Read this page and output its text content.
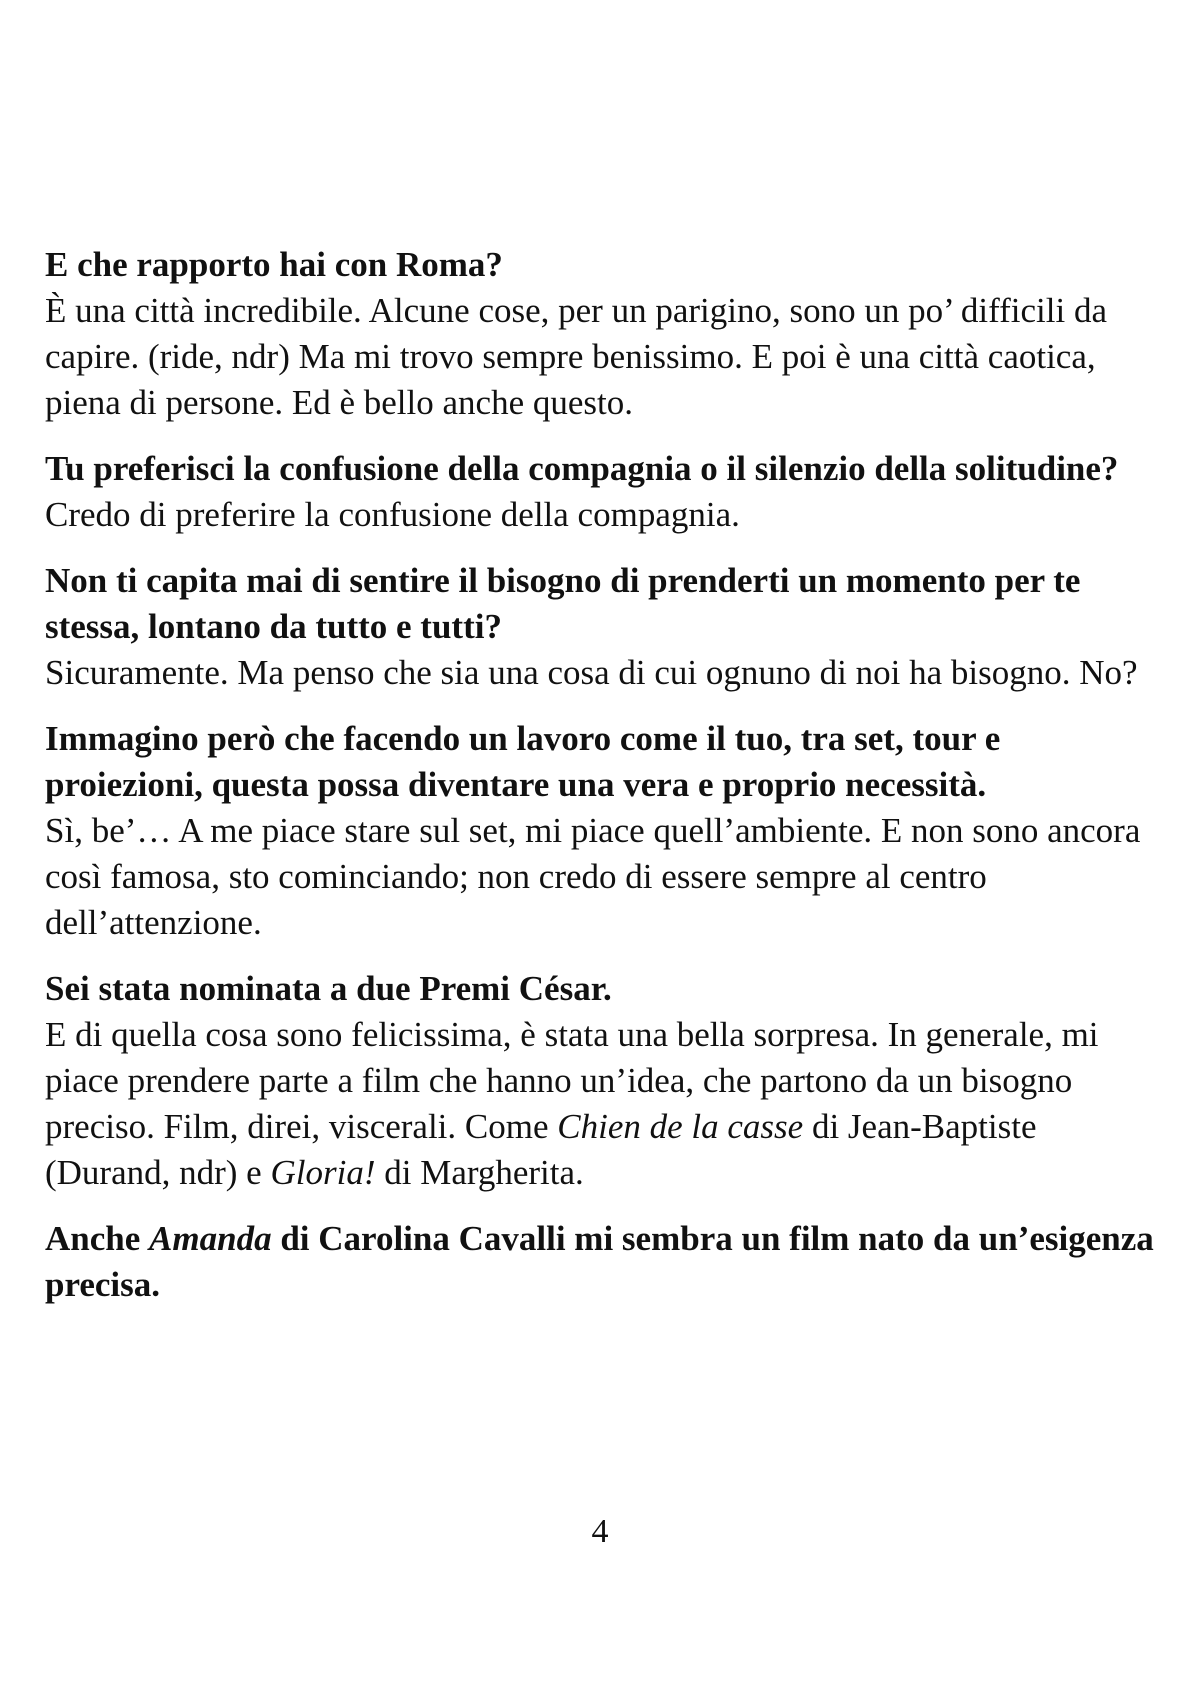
E che rapporto hai con Roma?

È una città incredibile. Alcune cose, per un parigino, sono un po’ difficili da capire. (ride, ndr) Ma mi trovo sempre benissimo. E poi è una città caotica, piena di persone. Ed è bello anche questo.

Tu preferisci la confusione della compagnia o il silenzio della solitudine?

Credo di preferire la confusione della compagnia.

Non ti capita mai di sentire il bisogno di prenderti un momento per te stessa, lontano da tutto e tutti?

Sicuramente. Ma penso che sia una cosa di cui ognuno di noi ha bisogno. No?

Immagino però che facendo un lavoro come il tuo, tra set, tour e proiezioni, questa possa diventare una vera e proprio necessità.

Sì, be’… A me piace stare sul set, mi piace quell’ambiente. E non sono ancora così famosa, sto cominciando; non credo di essere sempre al centro dell’attenzione.

Sei stata nominata a due Premi César.

E di quella cosa sono felicissima, è stata una bella sorpresa. In generale, mi piace prendere parte a film che hanno un’idea, che partono da un bisogno preciso. Film, direi, viscerali. Come Chien de la casse di Jean-Baptiste (Durand, ndr) e Gloria! di Margherita.

Anche Amanda di Carolina Cavalli mi sembra un film nato da un’esigenza precisa.

4
